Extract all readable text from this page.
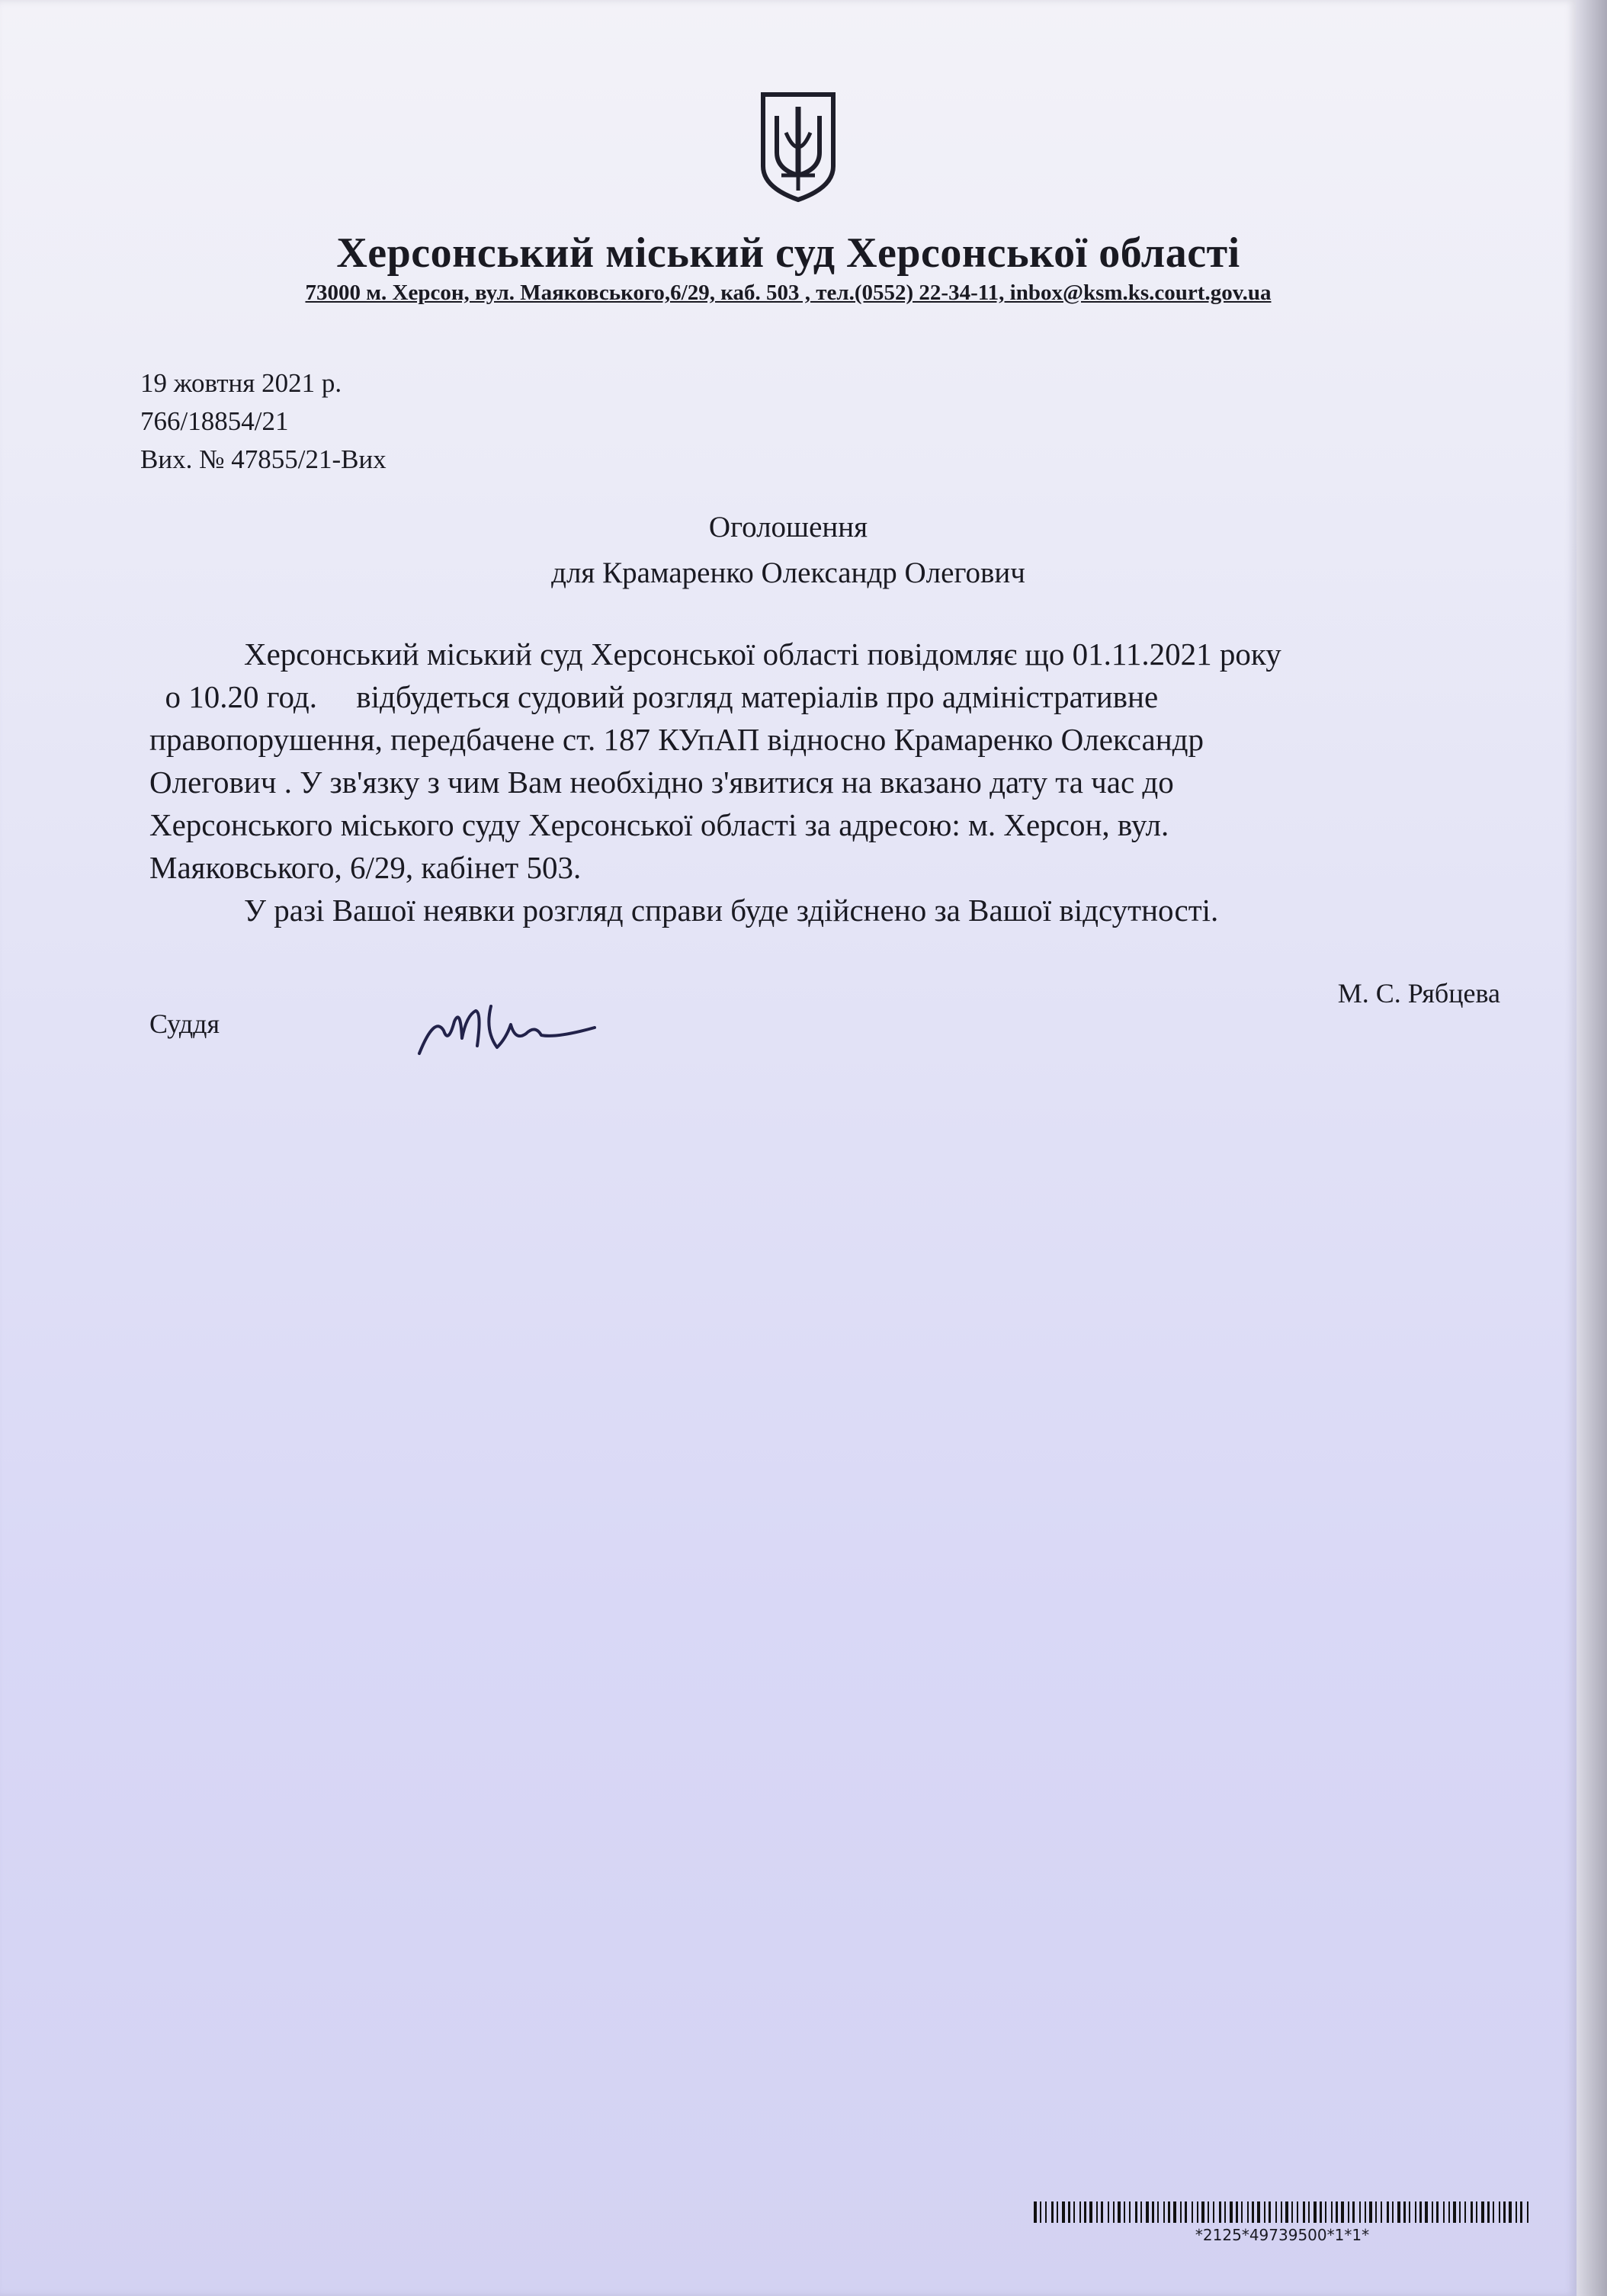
Херсонський міський суд Херсонської області
73000 м. Херсон, вул. Маяковського,6/29, каб. 503 , тел.(0552) 22-34-11, inbox@ksm.ks.court.gov.ua
19 жовтня 2021 р.
766/18854/21
Вих. № 47855/21-Вих
Оголошення
для Крамаренко Олександр Олегович

Херсонський міський суд Херсонської області повідомляє що 01.11.2021 року

о 10.20 год. відбудеться судовий розгляд матеріалів про адміністративне

правопорушення, передбачене ст. 187 КУпАП відносно Крамаренко Олександр

Олегович . У зв'язку з чим Вам необхідно з'явитися на вказано дату та час до

Херсонського міського суду Херсонської області за адресою: м. Херсон, вул.

Маяковського, 6/29, кабінет 503.

У разі Вашої неявки розгляд справи буде здійснено за Вашої відсутності.

Суддя
М. С. Рябцева
*2125*49739500*1*1*
